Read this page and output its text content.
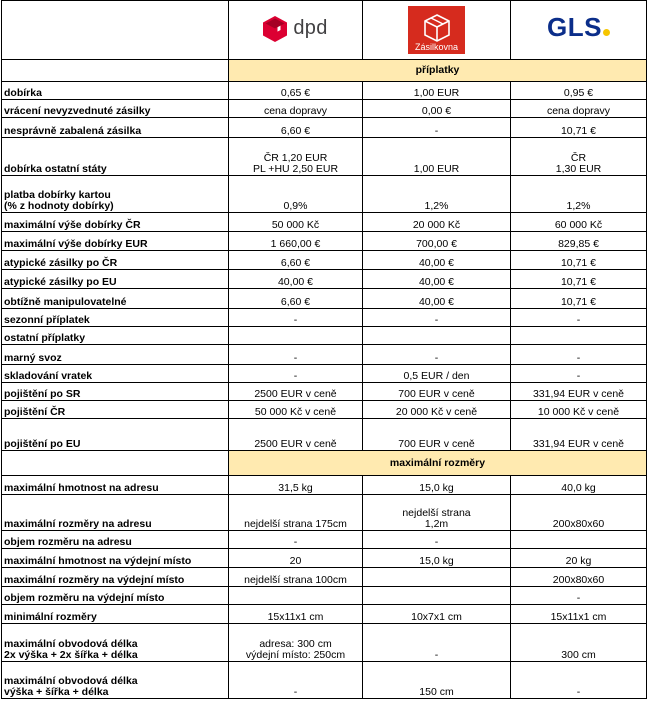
	dpd	Zásilkovna	GLS
	příplatky		

dobírka	0,65 €	1,00 EUR	0,95 €

vrácení nevyzvednuté zásilky	cena dopravy	0,00 €	cena dopravy

nesprávně zabalená zásilka	6,60 €	-	10,71 €

dobírka ostatní státy	ČR 1,20 EUR
PL +HU 2,50 EUR	1,00 EUR	ČR
1,30 EUR

platba dobírky kartou
(% z hodnoty dobírky)	0,9%	1,2%	1,2%

maximální výše dobírky ČR	50 000 Kč	20 000 Kč	60 000 Kč

maximální výše dobírky EUR	1 660,00 €	700,00 €	829,85 €

atypické zásilky po ČR	6,60 €	40,00 €	10,71 €

atypické zásilky po EU	40,00 €	40,00 €	10,71 €

obtížně manipulovatelné	6,60 €	40,00 €	10,71 €

sezonní příplatek	-	-	-

ostatní příplatky			

marný svoz	-	-	-

skladování vratek	-	0,5 EUR / den	-

pojištění po SR	2500 EUR v ceně	700 EUR v ceně	331,94 EUR v ceně

pojištění ČR	50 000 Kč v ceně	20 000 Kč v ceně	10 000 Kč v ceně

pojištění po EU	2500 EUR v ceně	700 EUR v ceně	331,94 EUR v ceně

	maximální rozměry		

maximální hmotnost na adresu	31,5 kg	15,0 kg	40,0 kg

maximální rozměry na adresu	nejdelší strana 175cm	nejdelší strana
1,2m	200x80x60

objem rozměru na adresu	-	-	

maximální hmotnost na výdejní místo	20	15,0 kg	20 kg

maximální rozměry na výdejní místo	nejdelší strana 100cm		200x80x60

objem rozměru na výdejní místo			-

minimální rozměry	15x11x1 cm	10x7x1 cm	15x11x1 cm

maximální obvodová délka
2x výška + 2x šířka + délka	adresa: 300 cm
výdejní místo: 250cm	-	300 cm

maximální obvodová délka
výška + šířka + délka	-	150 cm	-
